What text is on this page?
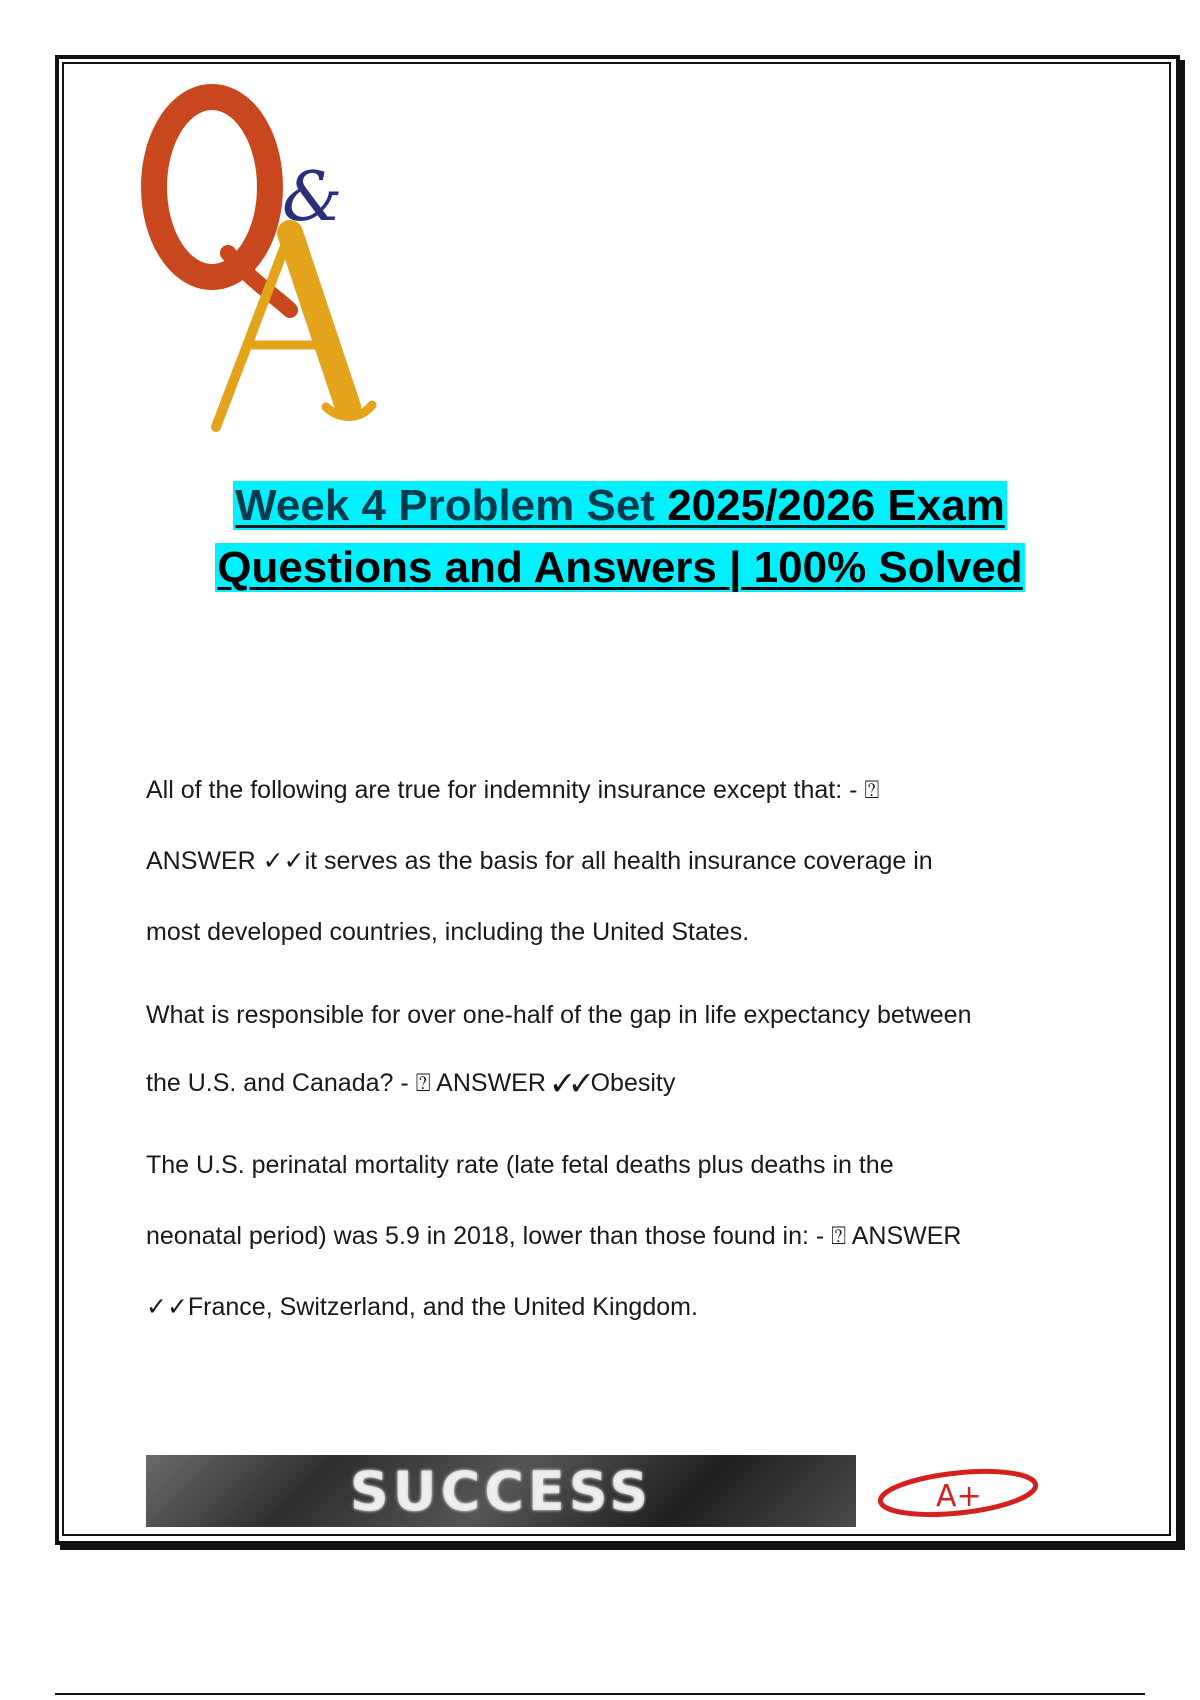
&
Week 4 Problem Set 2025/2026 Exam
Questions and Answers | 100% Solved

All of the following are true for indemnity insurance except that: - ⍰

ANSWER ✓✓it serves as the basis for all health insurance coverage in

most developed countries, including the United States.

What is responsible for over one-half of the gap in life expectancy between

the U.S. and Canada? - ⍰ ANSWER ✓✓Obesity

The U.S. perinatal mortality rate (late fetal deaths plus deaths in the

neonatal period) was 5.9 in 2018, lower than those found in: - ⍰ ANSWER

✓✓France, Switzerland, and the United Kingdom.

SUCCESS	A+
